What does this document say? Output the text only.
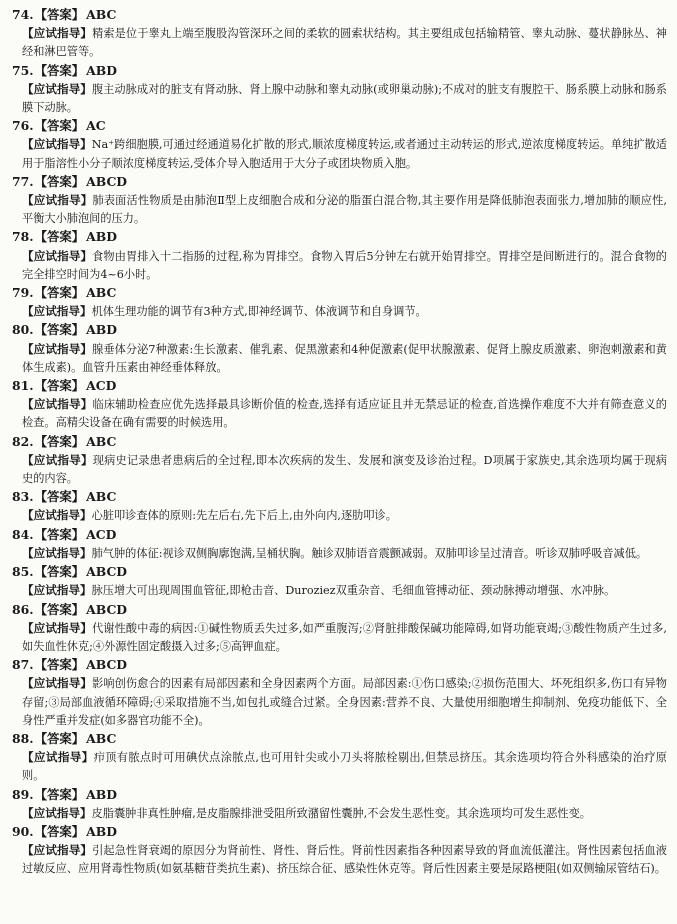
74.【答案】 ABC
【应试指导】精索是位于睾丸上端至腹股沟管深环之间的柔软的圆索状结构。其主要组成包括输精管、睾丸动脉、蔓状静脉丛、神经和淋巴管等。
75.【答案】 ABD
【应试指导】腹主动脉成对的脏支有肾动脉、肾上腺中动脉和睾丸动脉(或卵巢动脉);不成对的脏支有腹腔干、肠系膜上动脉和肠系膜下动脉。
76.【答案】 AC
【应试指导】Na⁺跨细胞膜,可通过经通道易化扩散的形式,顺浓度梯度转运,或者通过主动转运的形式,逆浓度梯度转运。单纯扩散适用于脂溶性小分子顺浓度梯度转运,受体介导入胞适用于大分子或团块物质入胞。
77.【答案】 ABCD
【应试指导】肺表面活性物质是由肺泡Ⅱ型上皮细胞合成和分泌的脂蛋白混合物,其主要作用是降低肺泡表面张力,增加肺的顺应性,平衡大小肺泡间的压力。
78.【答案】 ABD
【应试指导】食物由胃排入十二指肠的过程,称为胃排空。食物入胃后5分钟左右就开始胃排空。胃排空是间断进行的。混合食物的完全排空时间为4~6小时。
79.【答案】 ABC
【应试指导】机体生理功能的调节有3种方式,即神经调节、体液调节和自身调节。
80.【答案】 ABD
【应试指导】腺垂体分泌7种激素:生长激素、催乳素、促黑激素和4种促激素(促甲状腺激素、促肾上腺皮质激素、卵泡刺激素和黄体生成素)。血管升压素由神经垂体释放。
81.【答案】 ACD
【应试指导】临床辅助检查应优先选择最具诊断价值的检查,选择有适应证且并无禁忌证的检查,首选操作难度不大并有筛查意义的检查。高精尖设备在确有需要的时候选用。
82.【答案】 ABC
【应试指导】现病史记录患者患病后的全过程,即本次疾病的发生、发展和演变及诊治过程。D项属于家族史,其余选项均属于现病史的内容。
83.【答案】 ABC
【应试指导】心脏叩诊查体的原则:先左后右,先下后上,由外向内,逐肋叩诊。
84.【答案】 ACD
【应试指导】肺气肿的体征:视诊双侧胸廓饱满,呈桶状胸。触诊双肺语音震颤减弱。双肺叩诊呈过清音。听诊双肺呼吸音减低。
85.【答案】 ABCD
【应试指导】脉压增大可出现周围血管征,即枪击音、Duroziez双重杂音、毛细血管搏动征、颈动脉搏动增强、水冲脉。
86.【答案】 ABCD
【应试指导】代谢性酸中毒的病因:①碱性物质丢失过多,如严重腹泻;②肾脏排酸保碱功能障碍,如肾功能衰竭;③酸性物质产生过多,如失血性休克;④外源性固定酸摄入过多;⑤高钾血症。
87.【答案】 ABCD
【应试指导】影响创伤愈合的因素有局部因素和全身因素两个方面。局部因素:①伤口感染;②损伤范围大、坏死组织多,伤口有异物存留;③局部血液循环障碍;④采取措施不当,如包扎或缝合过紧。全身因素:营养不良、大量使用细胞增生抑制剂、免疫功能低下、全身性严重并发症(如多器官功能不全)。
88.【答案】 ABC
【应试指导】疖顶有脓点时可用碘伏点涂脓点,也可用针尖或小刀头将脓栓剔出,但禁忌挤压。其余选项均符合外科感染的治疗原则。
89.【答案】 ABD
【应试指导】皮脂囊肿非真性肿瘤,是皮脂腺排泄受阻所致潴留性囊肿,不会发生恶性变。其余选项均可发生恶性变。
90.【答案】 ABD
【应试指导】引起急性肾衰竭的原因分为肾前性、肾性、肾后性。肾前性因素指各种因素导致的肾血流低灌注。肾性因素包括血液过敏反应、应用肾毒性物质(如氨基糖苷类抗生素)、挤压综合征、感染性休克等。肾后性因素主要是尿路梗阻(如双侧输尿管结石)。
